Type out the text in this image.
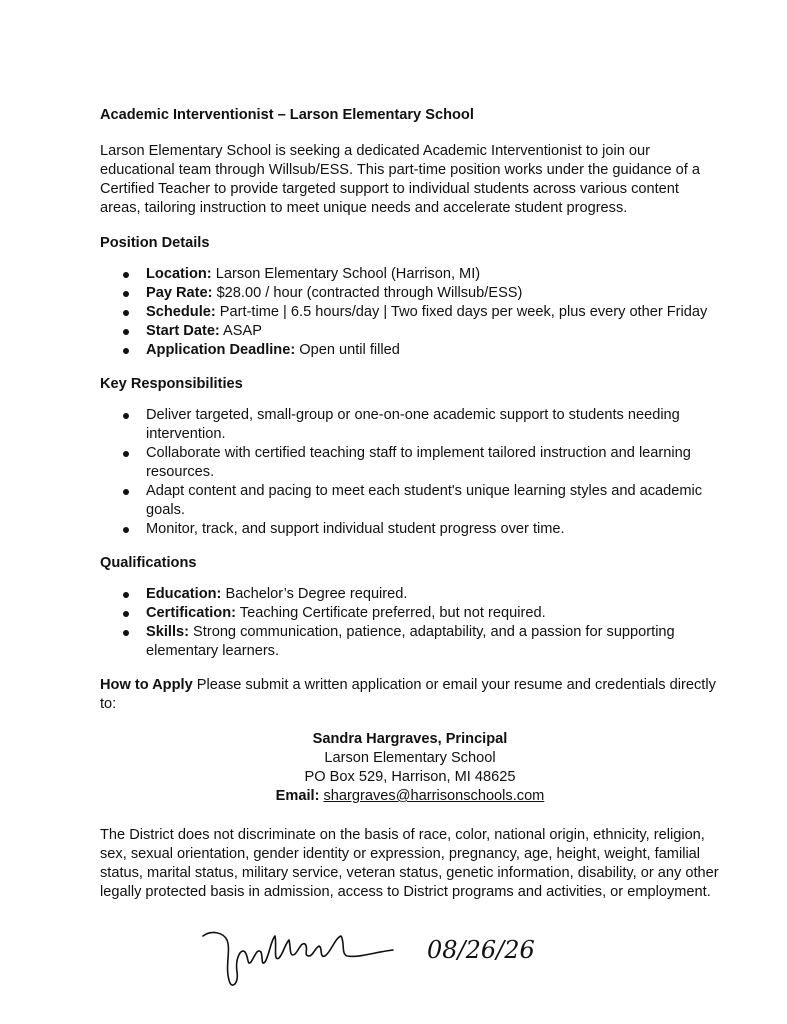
Academic Interventionist – Larson Elementary School

Larson Elementary School is seeking a dedicated Academic Interventionist to join our educational team through Willsub/ESS. This part-time position works under the guidance of a Certified Teacher to provide targeted support to individual students across various content areas, tailoring instruction to meet unique needs and accelerate student progress.

Position Details
Location: Larson Elementary School (Harrison, MI)
Pay Rate: $28.00 / hour (contracted through Willsub/ESS)
Schedule: Part-time | 6.5 hours/day | Two fixed days per week, plus every other Friday
Start Date: ASAP
Application Deadline: Open until filled
Key Responsibilities
Deliver targeted, small-group or one-on-one academic support to students needing intervention.
Collaborate with certified teaching staff to implement tailored instruction and learning resources.
Adapt content and pacing to meet each student's unique learning styles and academic goals.
Monitor, track, and support individual student progress over time.
Qualifications
Education: Bachelor’s Degree required.
Certification: Teaching Certificate preferred, but not required.
Skills: Strong communication, patience, adaptability, and a passion for supporting elementary learners.

How to Apply Please submit a written application or email your resume and credentials directly to:

Sandra Hargraves, Principal
Larson Elementary School
PO Box 529, Harrison, MI 48625
Email: shargraves@harrisonschools.com

The District does not discriminate on the basis of race, color, national origin, ethnicity, religion, sex, sexual orientation, gender identity or expression, pregnancy, age, height, weight, familial status, marital status, military service, veteran status, genetic information, disability, or any other legally protected basis in admission, access to District programs and activities, or employment.

08/26/26
